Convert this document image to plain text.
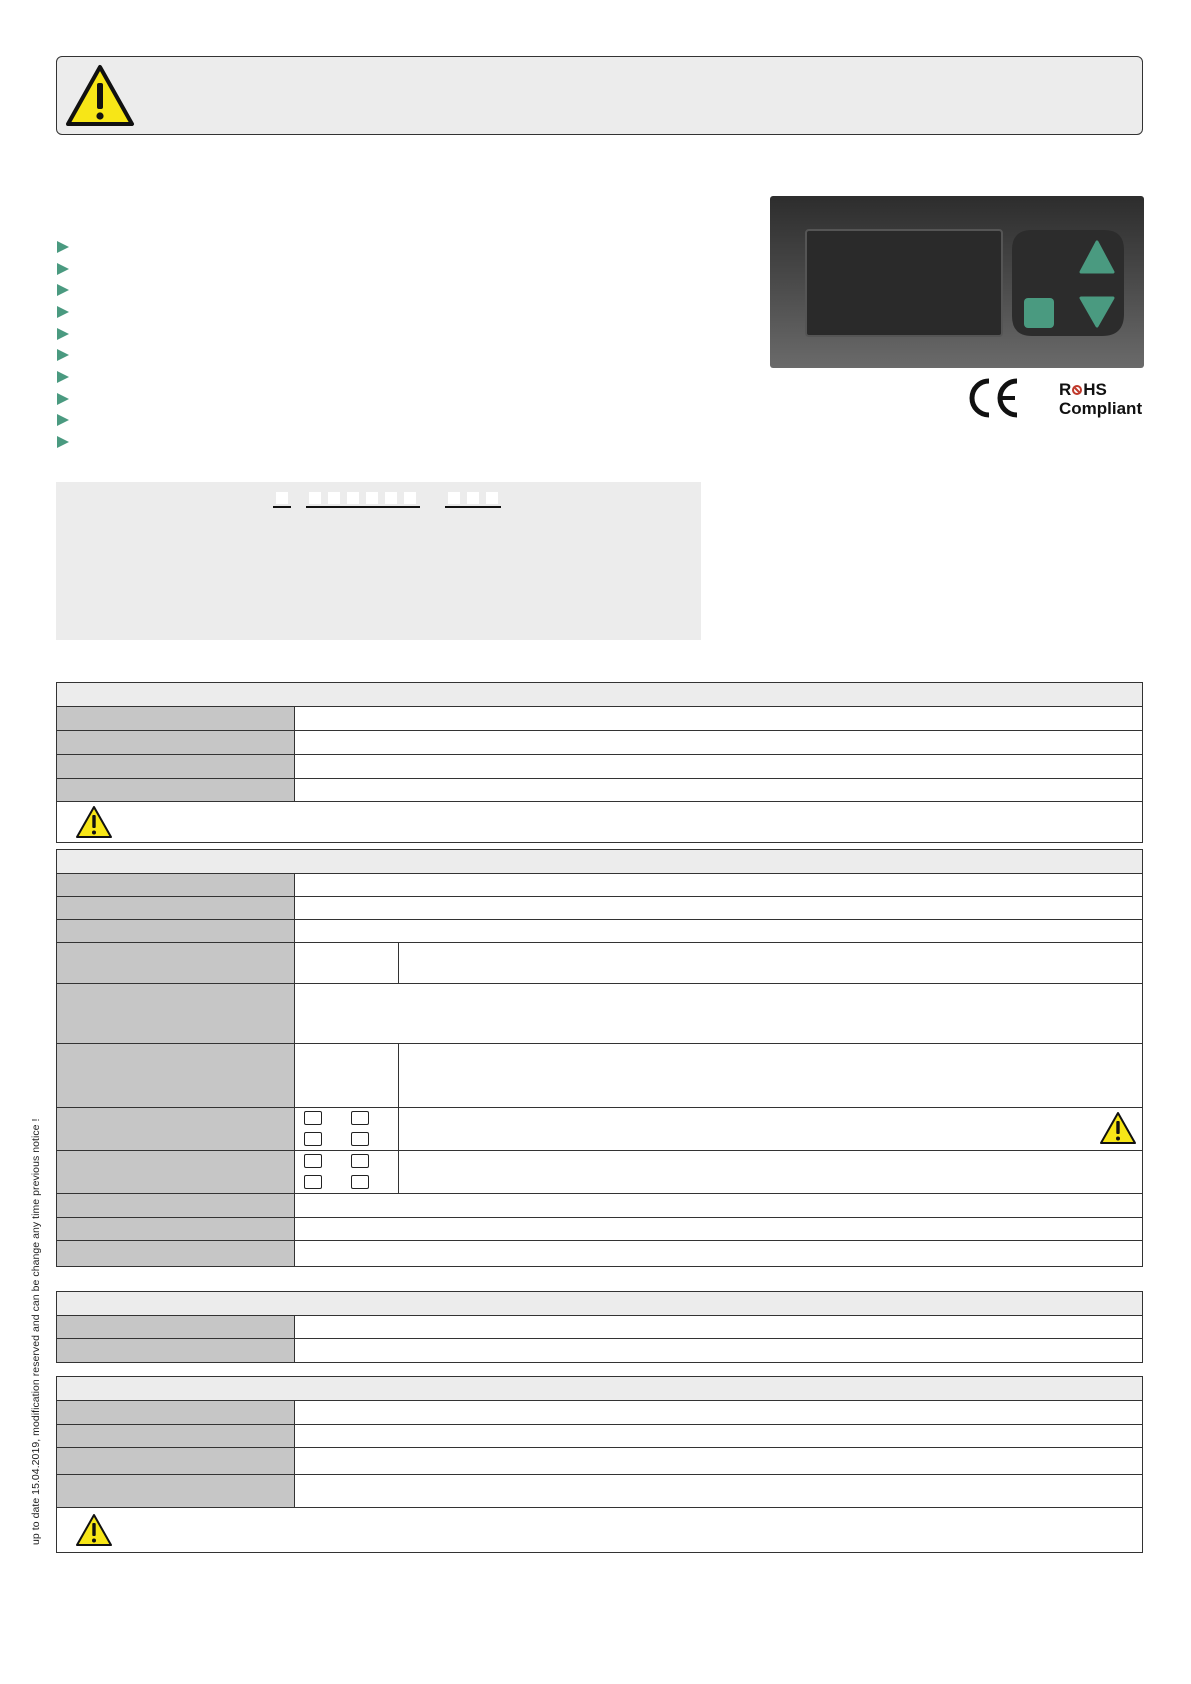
R HS
Compliant
up to date 15.04.2019, modification reserved and can be change any time previous notice !
